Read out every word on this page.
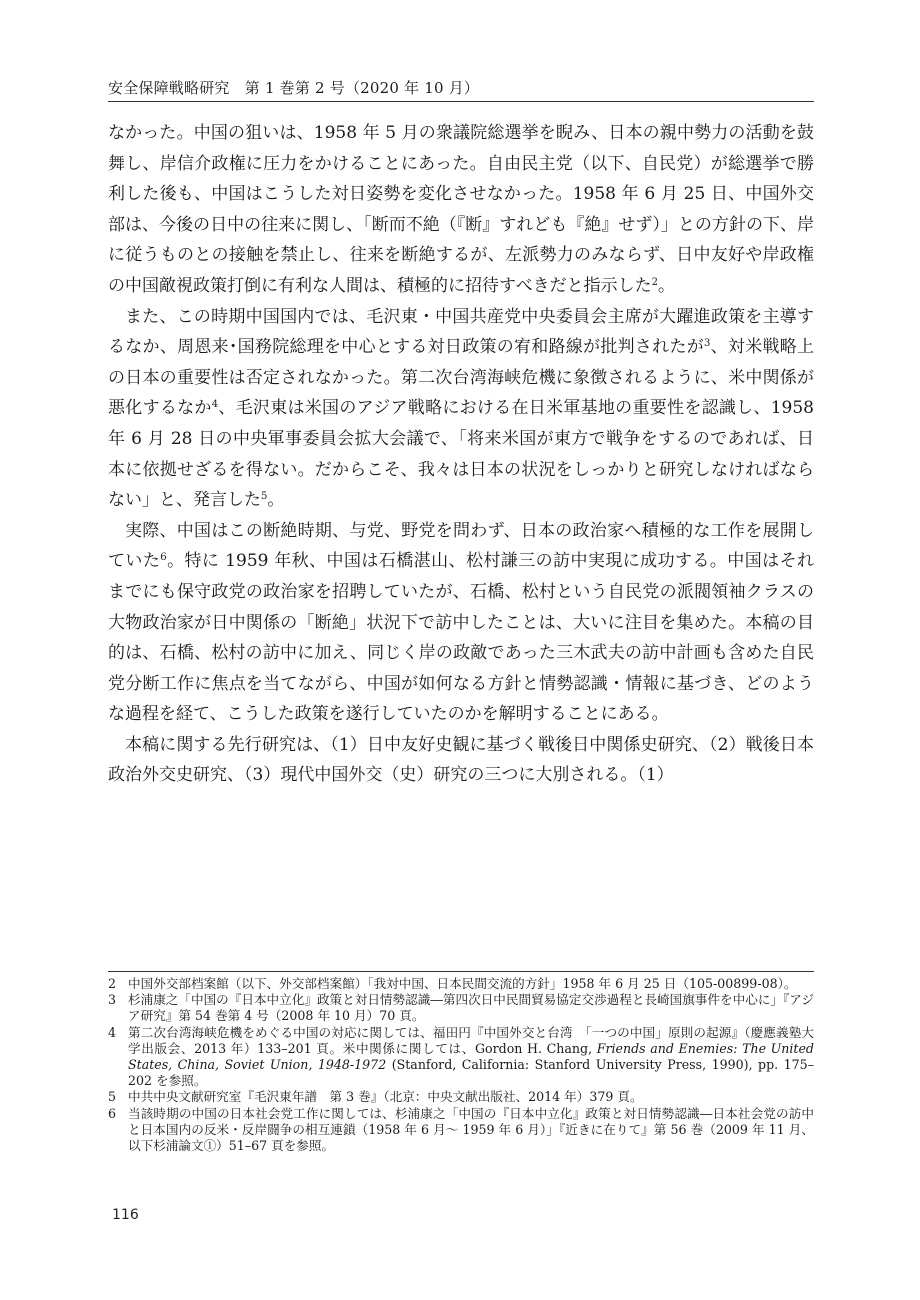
安全保障戦略研究　第 1 巻第 2 号（2020 年 10 月）

なかった。中国の狙いは、1958 年 5 月の衆議院総選挙を睨み、日本の親中勢力の活動を鼓舞し、岸信介政権に圧力をかけることにあった。自由民主党（以下、自民党）が総選挙で勝利した後も、中国はこうした対日姿勢を変化させなかった。1958 年 6 月 25 日、中国外交部は、今後の日中の往来に関し、「断而不絶（『断』すれども『絶』せず）」との方針の下、岸に従うものとの接触を禁止し、往来を断絶するが、左派勢力のみならず、日中友好や岸政権の中国敵視政策打倒に有利な人間は、積極的に招待すべきだと指示した$^2$。

また、この時期中国国内では、毛沢東・中国共産党中央委員会主席が大躍進政策を主導するなか、周恩来･国務院総理を中心とする対日政策の宥和路線が批判されたが$^3$、対米戦略上の日本の重要性は否定されなかった。第二次台湾海峡危機に象徴されるように、米中関係が悪化するなか$^4$、毛沢東は米国のアジア戦略における在日米軍基地の重要性を認識し、1958 年 6 月 28 日の中央軍事委員会拡大会議で、「将来米国が東方で戦争をするのであれば、日本に依拠せざるを得ない。だからこそ、我々は日本の状況をしっかりと研究しなければならない」と、発言した$^5$。

実際、中国はこの断絶時期、与党、野党を問わず、日本の政治家へ積極的な工作を展開していた$^6$。特に 1959 年秋、中国は石橋湛山、松村謙三の訪中実現に成功する。中国はそれまでにも保守政党の政治家を招聘していたが、石橋、松村という自民党の派閥領袖クラスの大物政治家が日中関係の「断絶」状況下で訪中したことは、大いに注目を集めた。本稿の目的は、石橋、松村の訪中に加え、同じく岸の政敵であった三木武夫の訪中計画も含めた自民党分断工作に焦点を当てながら、中国が如何なる方針と情勢認識・情報に基づき、どのような過程を経て、こうした政策を遂行していたのかを解明することにある。

本稿に関する先行研究は、（1）日中友好史観に基づく戦後日中関係史研究、（2）戦後日本政治外交史研究、（3）現代中国外交（史）研究の三つに大別される。（1）

2 中国外交部档案館（以下、外交部档案館）「我対中国、日本民間交流的方針」1958 年 6 月 25 日（105-00899-08）。
3 杉浦康之「中国の『日本中立化』政策と対日情勢認識―第四次日中民間貿易協定交渉過程と長崎国旗事件を中心に」『アジア研究』第 54 巻第 4 号（2008 年 10 月）70 頁。
4 第二次台湾海峡危機をめぐる中国の対応に関しては、福田円『中国外交と台湾　「一つの中国」原則の起源』（慶應義塾大学出版会、2013 年）133–201 頁。米中関係に関しては、Gordon H. Chang, Friends and Enemies: The United States, China, Soviet Union, 1948-1972 (Stanford, California: Stanford University Press, 1990), pp. 175–202 を参照。
5 中共中央文献研究室『毛沢東年譜　第 3 巻』（北京：中央文献出版社、2014 年）379 頁。
6 当該時期の中国の日本社会党工作に関しては、杉浦康之「中国の『日本中立化』政策と対日情勢認識―日本社会党の訪中と日本国内の反米・反岸闘争の相互連鎖（1958 年 6 月～ 1959 年 6 月）」『近きに在りて』第 56 巻（2009 年 11 月、以下杉浦論文①）51–67 頁を参照。
116
